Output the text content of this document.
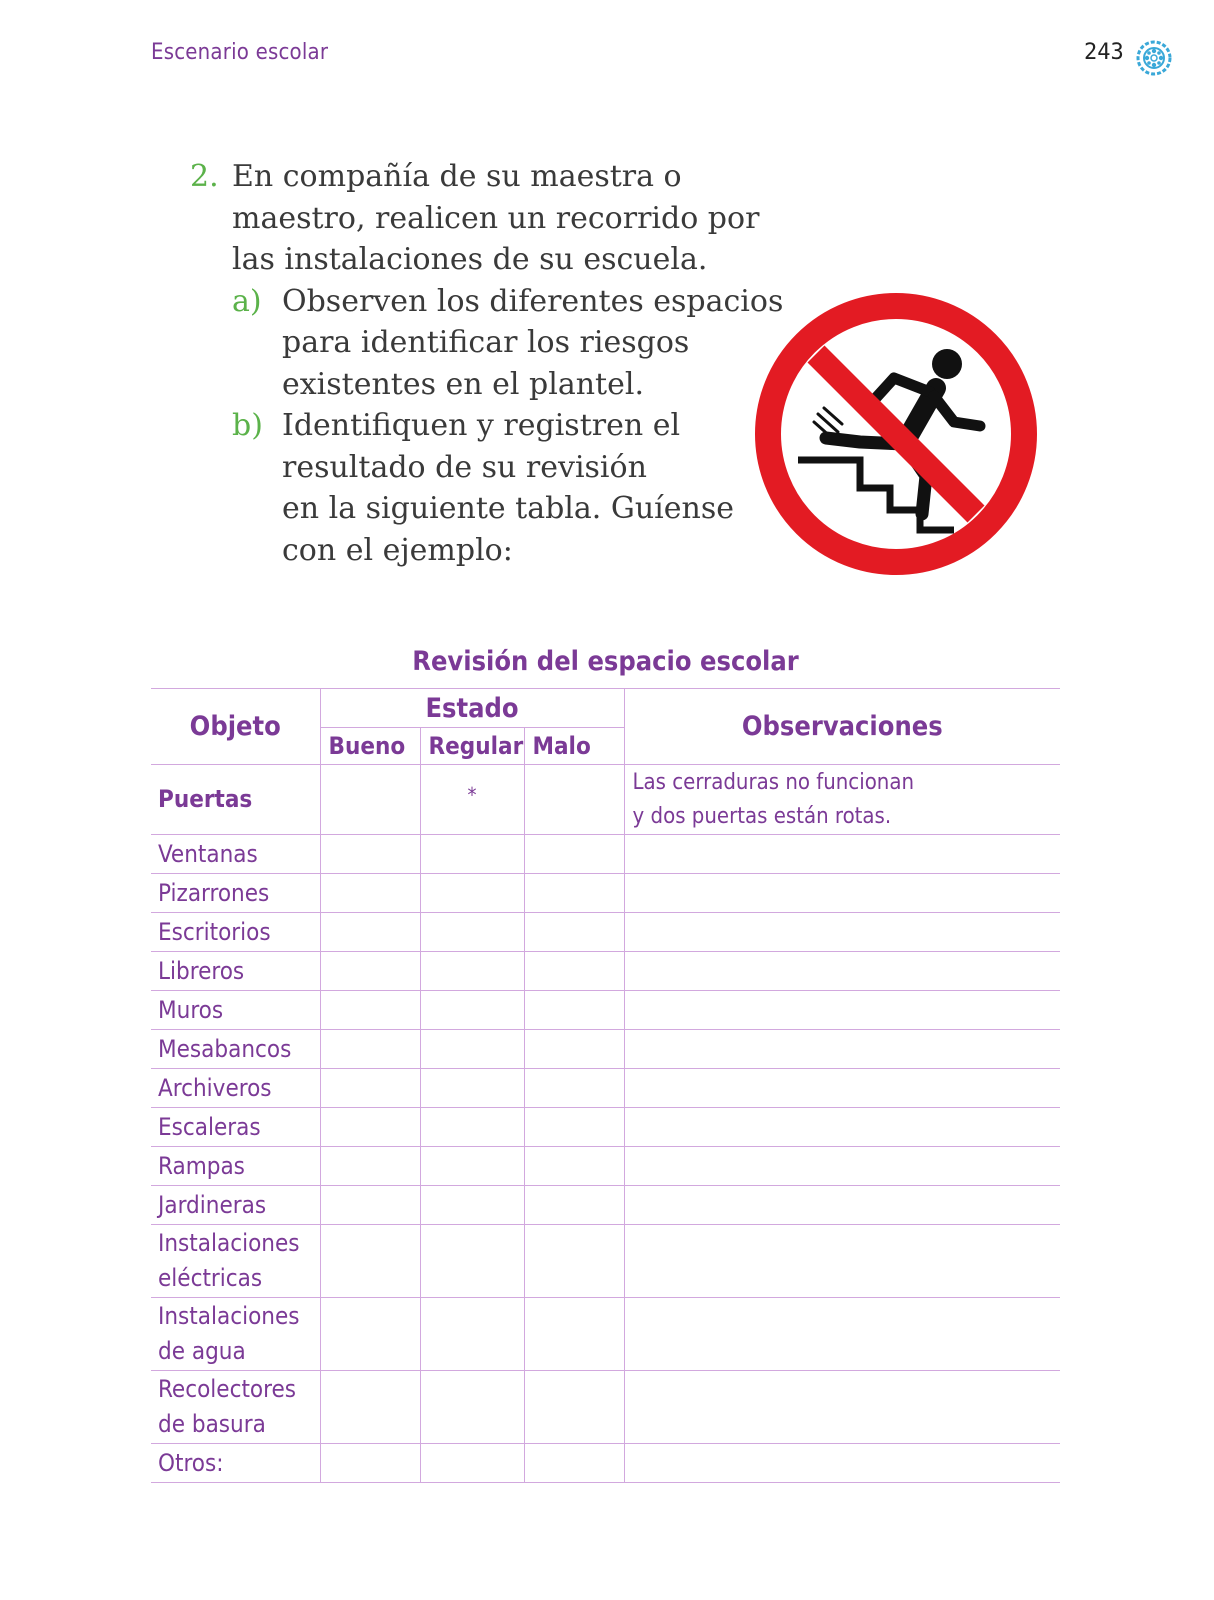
Escenario escolar	243
2. En compañía de su maestra o
maestro, realicen un recorrido por
las instalaciones de su escuela.
a) Observen los diferentes espacios
para identificar los riesgos
existentes en el plantel.
b) Identifiquen y registren el
resultado de su revisión
en la siguiente tabla. Guíense
con el ejemplo:
Revisión del espacio escolar
Objeto	Estado			Observaciones
	Bueno	Regular	Malo	
Puertas		*		Las cerraduras no funcionan
y dos puertas están rotas.

Ventanas				

Pizarrones				

Escritorios				

Libreros				

Muros				

Mesabancos				

Archiveros				

Escaleras				

Rampas				

Jardineras				

Instalaciones
eléctricas				

Instalaciones
de agua				

Recolectores
de basura				

Otros:				
